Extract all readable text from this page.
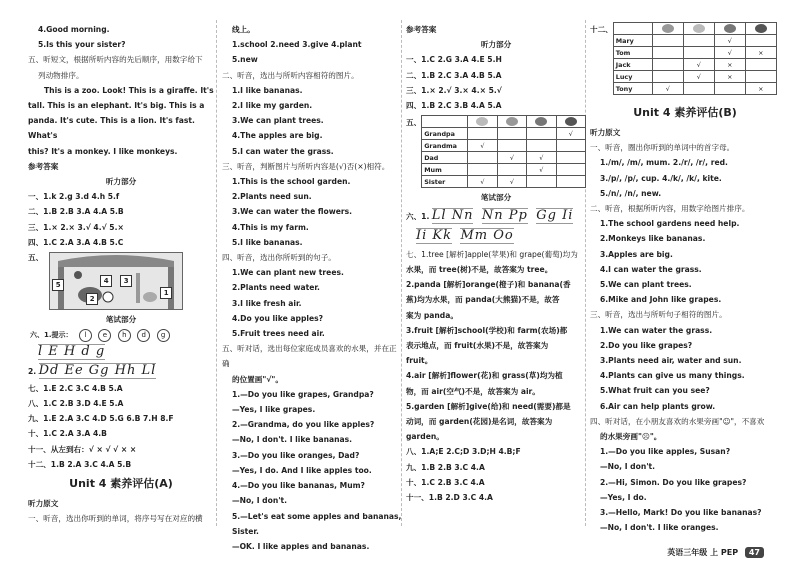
4.Good morning.
5.Is this your sister?
五、听短文，根据所听内容的先后顺序，用数字给下
列动物排序。
This is a zoo. Look! This is a giraffe. It's
tall. This is an elephant. It's big. This is a
panda. It's cute. This is a lion. It's fast. What's
this? It's a monkey. I like monkeys.
参考答案
听力部分
一、1.k 2.g 3.d 4.h 5.f
二、1.B 2.B 3.A 4.A 5.B
三、1.× 2.× 3.√ 4.√ 5.×
四、1.C 2.A 3.A 4.B 5.C
五、
5	4	3
2
1
笔试部分
六、1.提示： l e h d g
l E H d g
2. Dd Ee Gg Hh Ll
七、1.E 2.C 3.C 4.B 5.A
八、1.C 2.B 3.D 4.E 5.A
九、1.E 2.A 3.C 4.D 5.G 6.B 7.H 8.F
十、1.C 2.A 3.A 4.B
十一、从左到右：√ × √ √ × ×
十二、1.B 2.A 3.C 4.A 5.B
Unit 4 素养评估(A)
听力原文
一、听音，选出你听到的单词，将序号写在对应的横
线上。
1.school 2.need 3.give 4.plant
5.new
二、听音，选出与所听内容相符的图片。
1.I like bananas.
2.I like my garden.
3.We can plant trees.
4.The apples are big.
5.I can water the grass.
三、听音，判断图片与所听内容是(√)否(×)相符。
1.This is the school garden.
2.Plants need sun.
3.We can water the flowers.
4.This is my farm.
5.I like bananas.
四、听音，选出你所听到的句子。
1.We can plant new trees.
2.Plants need water.
3.I like fresh air.
4.Do you like apples?
5.Fruit trees need air.
五、听对话，选出每位家庭成员喜欢的水果，并在正确
的位置画"√"。
1.—Do you like grapes, Grandpa?
—Yes, I like grapes.
2.—Grandma, do you like apples?
—No, I don't. I like bananas.
3.—Do you like oranges, Dad?
—Yes, I do. And I like apples too.
4.—Do you like bananas, Mum?
—No, I don't.
5.—Let's eat some apples and bananas,
Sister.
—OK. I like apples and bananas.
参考答案
听力部分
一、1.C 2.G 3.A 4.E 5.H
二、1.B 2.C 3.A 4.B 5.A
三、1.× 2.√ 3.× 4.× 5.√
四、1.B 2.C 3.B 4.A 5.A
五、

Grandpa				√
Grandma	√			
Dad		√	√	
Mum			√	
Sister	√	√		
笔试部分
六、1. Ll Nn Nn Pp Gg Ii
Ii Kk Mm Oo
七、1.tree [解析]apple(苹果)和 grape(葡萄)均为
水果，而 tree(树)不是，故答案为 tree。
2.panda [解析]orange(橙子)和 banana(香
蕉)均为水果，而 panda(大熊猫)不是，故答
案为 panda。
3.fruit [解析]school(学校)和 farm(农场)都
表示地点，而 fruit(水果)不是，故答案为
fruit。
4.air [解析]flower(花)和 grass(草)均为植
物，而 air(空气)不是，故答案为 air。
5.garden [解析]give(给)和 need(需要)都是
动词，而 garden(花园)是名词，故答案为
garden。
八、1.A;E 2.C;D 3.D;H 4.B;F
九、1.B 2.B 3.C 4.A
十、1.C 2.B 3.C 4.A
十一、1.B 2.D 3.C 4.A
十二、

Mary			√	
Tom			√	×
Jack		√	×	
Lucy		√	×	
Tony	√			×
Unit 4 素养评估(B)
听力原文
一、听音，圈出你听到的单词中的首字母。
1./m/, /m/, mum. 2./r/, /r/, red.
3./p/, /p/, cup. 4./k/, /k/, kite.
5./n/, /n/, new.
二、听音，根据所听内容，用数字给图片排序。
1.The school gardens need help.
2.Monkeys like bananas.
3.Apples are big.
4.I can water the grass.
5.We can plant trees.
6.Mike and John like grapes.
三、听音，选出与所听句子相符的图片。
1.We can water the grass.
2.Do you like grapes?
3.Plants need air, water and sun.
4.Plants can give us many things.
5.What fruit can you see?
6.Air can help plants grow.
四、听对话，在小朋友喜欢的水果旁画"☺"，不喜欢
的水果旁画"☹"。
1.—Do you like apples, Susan?
—No, I don't.
2.—Hi, Simon. Do you like grapes?
—Yes, I do.
3.—Hello, Mark! Do you like bananas?
—No, I don't. I like oranges.
英语三年级 上 PEP 47
